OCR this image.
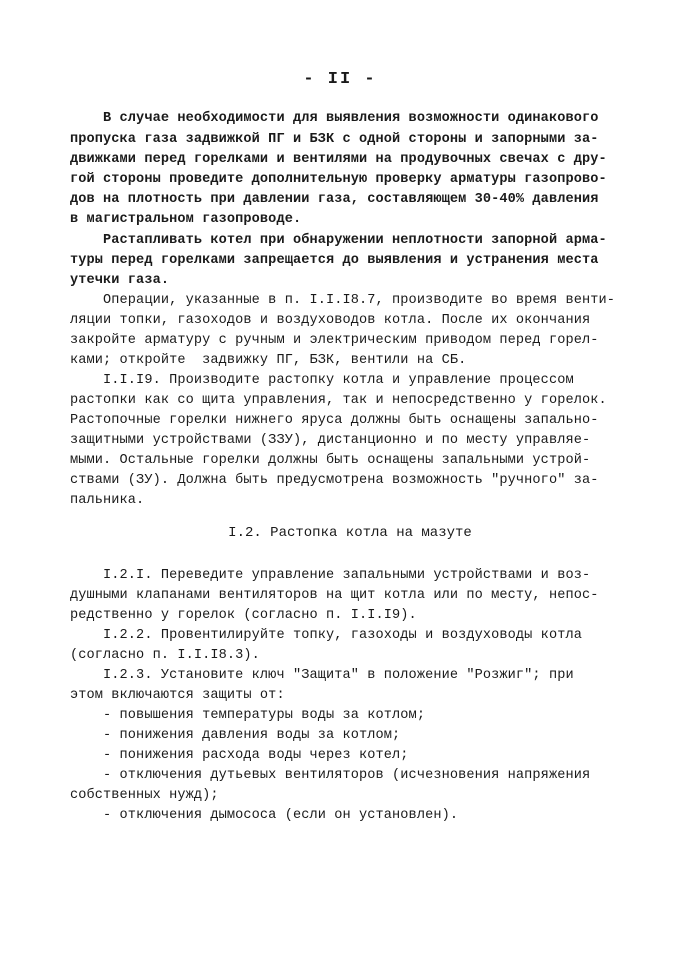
- II -
В случае необходимости для выявления возможности одинакового
пропуска газа задвижкой ПГ и БЗК с одной стороны и запорными за-
движками перед горелками и вентилями на продувочных свечах с дру-
гой стороны проведите дополнительную проверку арматуры газопрово-
дов на плотность при давлении газа, составляющем 30-40% давления
в магистральном газопроводе.
Растапливать котел при обнаружении неплотности запорной арма-
туры перед горелками запрещается до выявления и устранения места
утечки газа.
Операции, указанные в п. I.I.I8.7, производите во время венти-
ляции топки, газоходов и воздуховодов котла. После их окончания
закройте арматуру с ручным и электрическим приводом перед горел-
ками; откройте  задвижку ПГ, БЗК, вентили на СБ.
I.I.I9. Производите растопку котла и управление процессом
растопки как со щита управления, так и непосредственно у горелок.
Растопочные горелки нижнего яруса должны быть оснащены запально-
защитными устройствами (ЗЗУ), дистанционно и по месту управляе-
мыми. Остальные горелки должны быть оснащены запальными устрой-
ствами (ЗУ). Должна быть предусмотрена возможность "ручного" за-
пальника.
I.2. Растопка котла на мазуте
I.2.I. Переведите управление запальными устройствами и воз-
душными клапанами вентиляторов на щит котла или по месту, непос-
редственно у горелок (согласно п. I.I.I9).
I.2.2. Провентилируйте топку, газоходы и воздуховоды котла
(согласно п. I.I.I8.3).
I.2.3. Установите ключ "Защита" в положение "Розжиг"; при
этом включаются защиты от:
- повышения температуры воды за котлом;
- понижения давления воды за котлом;
- понижения расхода воды через котел;
- отключения дутьевых вентиляторов (исчезновения напряжения
собственных нужд);
- отключения дымососа (если он установлен).
